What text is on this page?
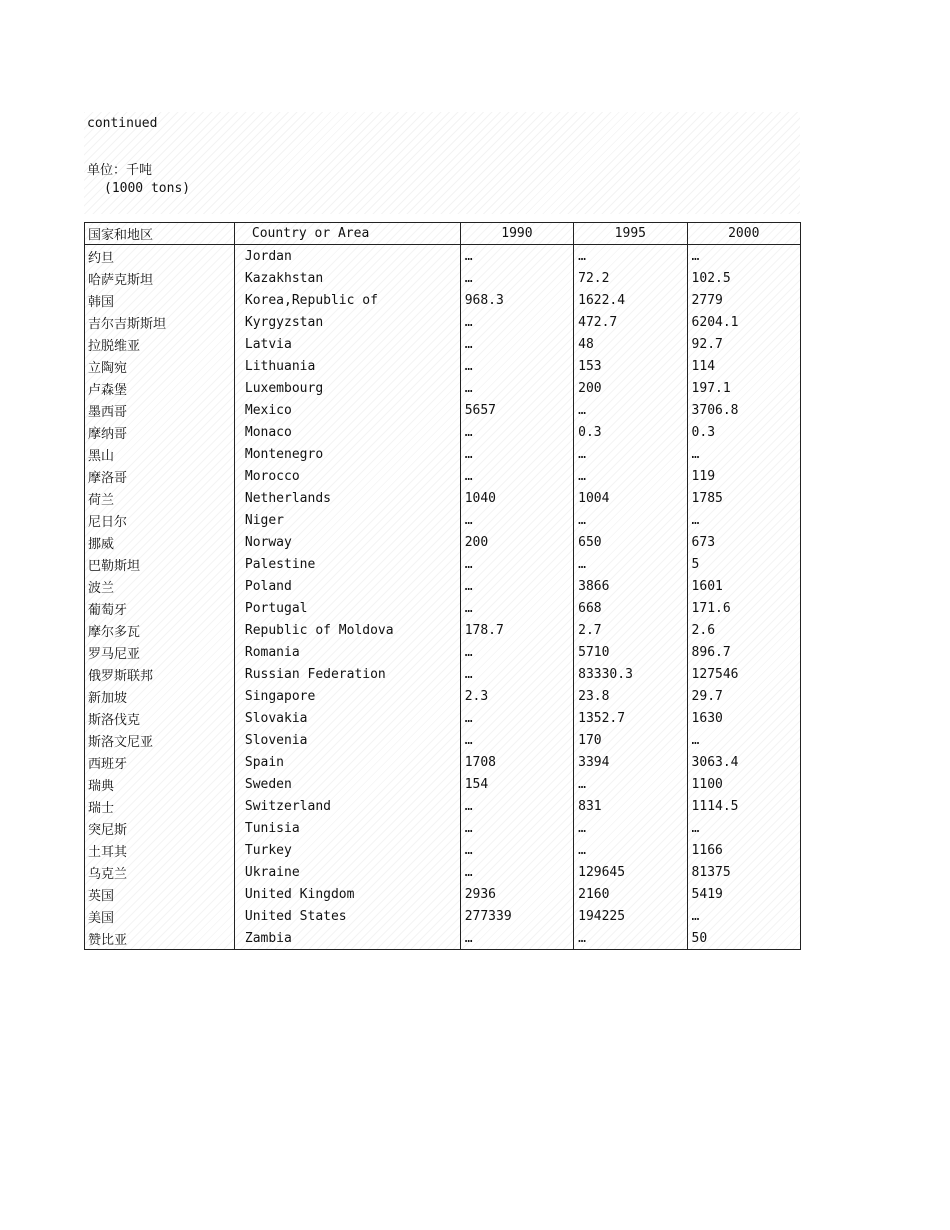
continued
单位：千吨
(1000 tons)
国家和地区	Country or Area	1990	1995	2000
约旦	Jordan	…	…	…
哈萨克斯坦	Kazakhstan	…	72.2	102.5
韩国	Korea,Republic of	968.3	1622.4	2779
吉尔吉斯斯坦	Kyrgyzstan	…	472.7	6204.1
拉脱维亚	Latvia	…	48	92.7
立陶宛	Lithuania	…	153	114
卢森堡	Luxembourg	…	200	197.1
墨西哥	Mexico	5657	…	3706.8
摩纳哥	Monaco	…	0.3	0.3
黑山	Montenegro	…	…	…
摩洛哥	Morocco	…	…	119
荷兰	Netherlands	1040	1004	1785
尼日尔	Niger	…	…	…
挪威	Norway	200	650	673
巴勒斯坦	Palestine	…	…	5
波兰	Poland	…	3866	1601
葡萄牙	Portugal	…	668	171.6
摩尔多瓦	Republic of Moldova	178.7	2.7	2.6
罗马尼亚	Romania	…	5710	896.7
俄罗斯联邦	Russian Federation	…	83330.3	127546
新加坡	Singapore	2.3	23.8	29.7
斯洛伐克	Slovakia	…	1352.7	1630
斯洛文尼亚	Slovenia	…	170	…
西班牙	Spain	1708	3394	3063.4
瑞典	Sweden	154	…	1100
瑞士	Switzerland	…	831	1114.5
突尼斯	Tunisia	…	…	…
土耳其	Turkey	…	…	1166
乌克兰	Ukraine	…	129645	81375
英国	United Kingdom	2936	2160	5419
美国	United States	277339	194225	…
赞比亚	Zambia	…	…	50
